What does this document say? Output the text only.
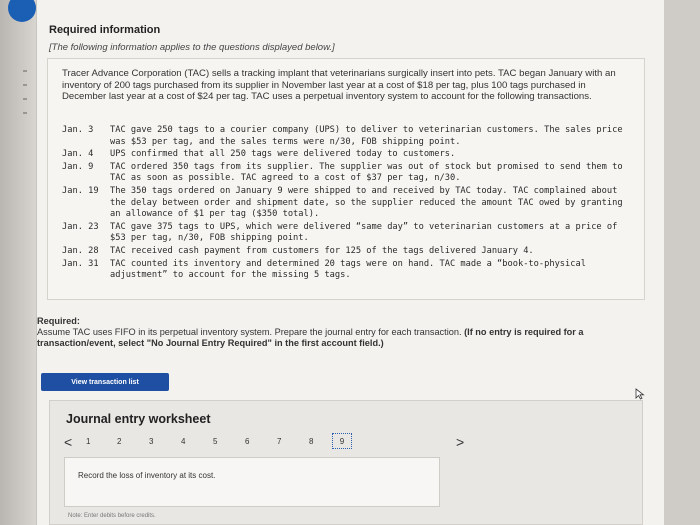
Required information
[The following information applies to the questions displayed below.]
Tracer Advance Corporation (TAC) sells a tracking implant that veterinarians surgically insert into pets. TAC began January with an inventory of 200 tags purchased from its supplier in November last year at a cost of $18 per tag, plus 100 tags purchased in December last year at a cost of $24 per tag. TAC uses a perpetual inventory system to account for the following transactions.
Jan. 3	TAC gave 250 tags to a courier company (UPS) to deliver to veterinarian customers. The sales price was $53 per tag, and the sales terms were n/30, FOB shipping point.
Jan. 4	UPS confirmed that all 250 tags were delivered today to customers.
Jan. 9	TAC ordered 350 tags from its supplier. The supplier was out of stock but promised to send them to TAC as soon as possible. TAC agreed to a cost of $37 per tag, n/30.
Jan. 19	The 350 tags ordered on January 9 were shipped to and received by TAC today. TAC complained about the delay between order and shipment date, so the supplier reduced the amount TAC owed by granting an allowance of $1 per tag ($350 total).
Jan. 23	TAC gave 375 tags to UPS, which were delivered “same day” to veterinarian customers at a price of $53 per tag, n/30, FOB shipping point.
Jan. 28	TAC received cash payment from customers for 125 of the tags delivered January 4.
Jan. 31	TAC counted its inventory and determined 20 tags were on hand. TAC made a “book-to-physical adjustment” to account for the missing 5 tags.
Required:
Assume TAC uses FIFO in its perpetual inventory system. Prepare the journal entry for each transaction. (If no entry is required for a transaction/event, select "No Journal Entry Required" in the first account field.)
View transaction list
Journal entry worksheet
<	>
1	2	3	4	5	6	7	8	9
Record the loss of inventory at its cost.
Note: Enter debits before credits.
